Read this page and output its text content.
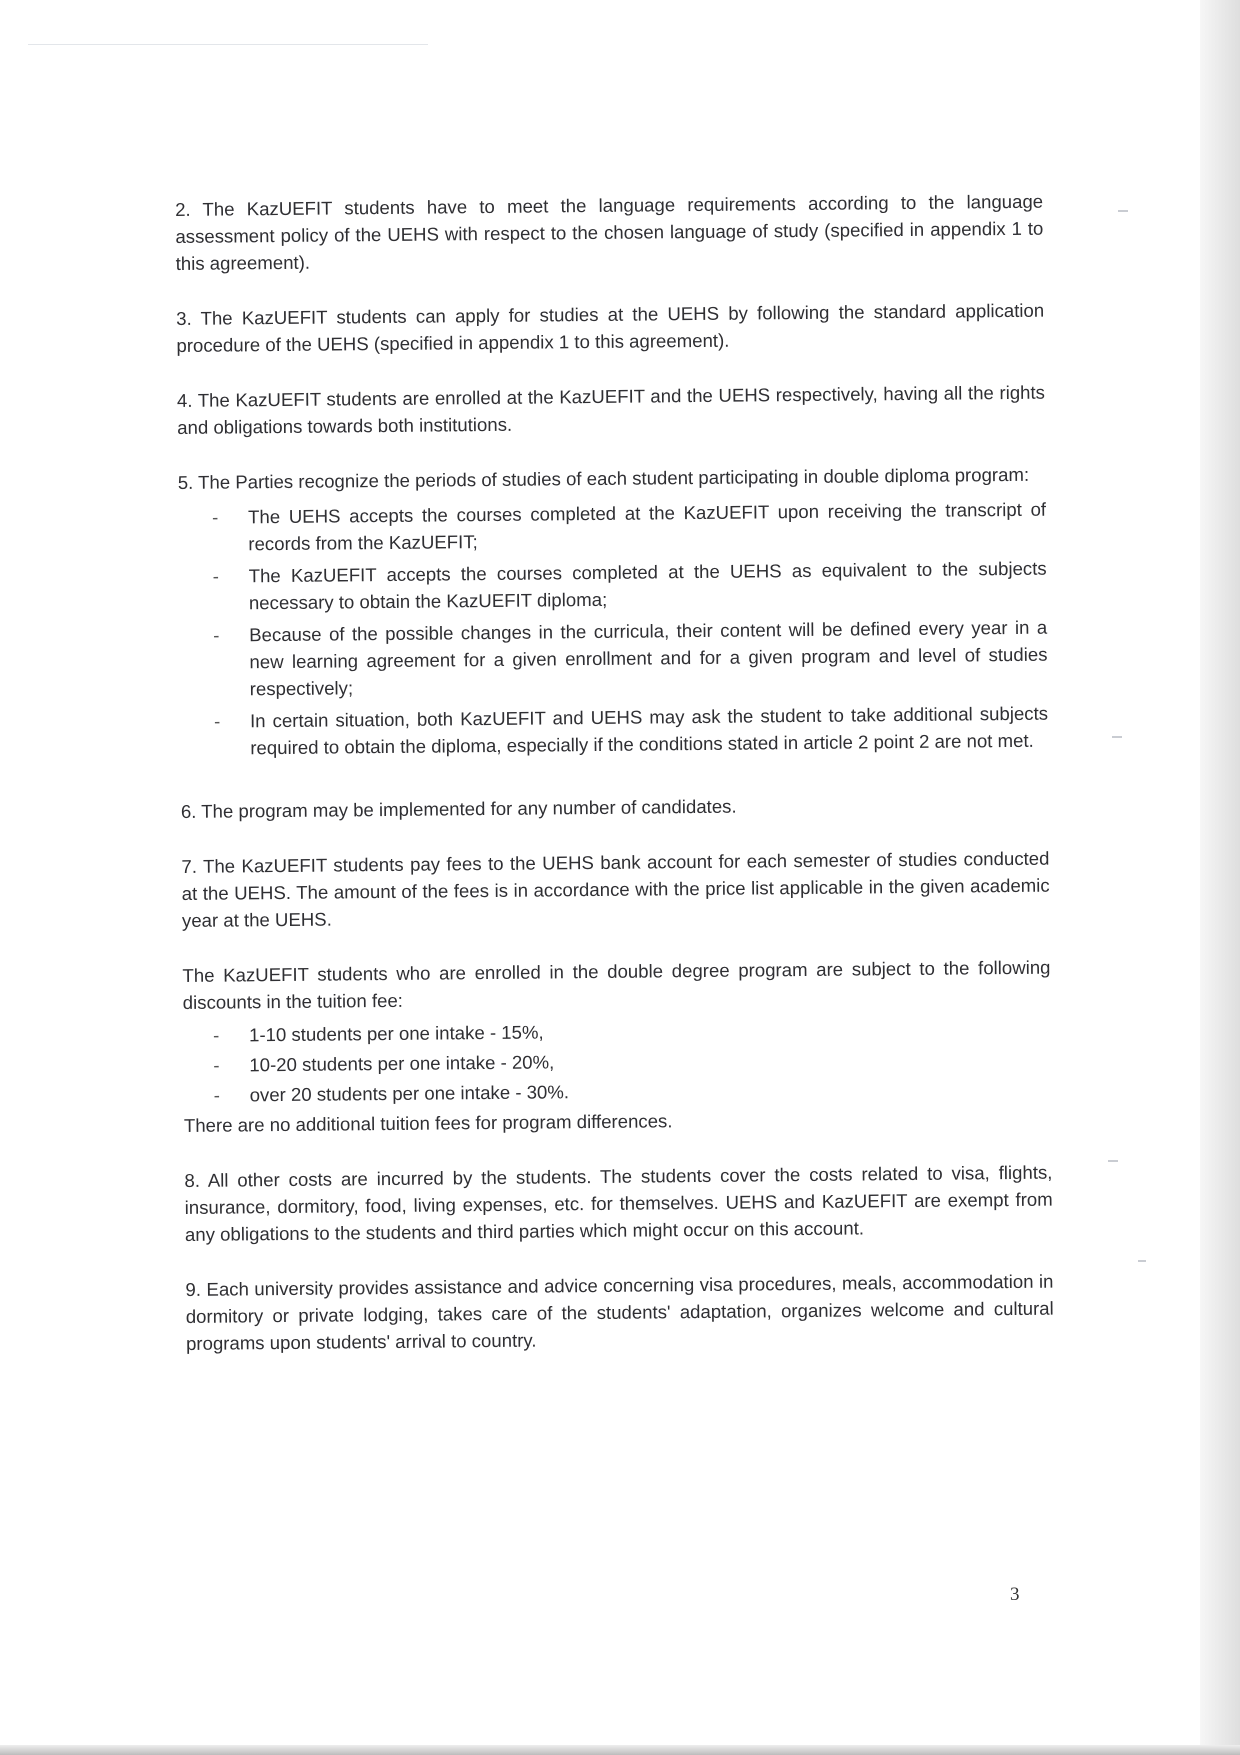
2. The KazUEFIT students have to meet the language requirements according to the language assessment policy of the UEHS with respect to the chosen language of study (specified in appendix 1 to this agreement).

3. The KazUEFIT students can apply for studies at the UEHS by following the standard application procedure of the UEHS (specified in appendix 1 to this agreement).

4. The KazUEFIT students are enrolled at the KazUEFIT and the UEHS respectively, having all the rights and obligations towards both institutions.

5. The Parties recognize the periods of studies of each student participating in double diploma program:

- The UEHS accepts the courses completed at the KazUEFIT upon receiving the transcript of records from the KazUEFIT;
- The KazUEFIT accepts the courses completed at the UEHS as equivalent to the subjects necessary to obtain the KazUEFIT diploma;
- Because of the possible changes in the curricula, their content will be defined every year in a new learning agreement for a given enrollment and for a given program and level of studies respectively;
- In certain situation, both KazUEFIT and UEHS may ask the student to take additional subjects required to obtain the diploma, especially if the conditions stated in article 2 point 2 are not met.

6. The program may be implemented for any number of candidates.

7. The KazUEFIT students pay fees to the UEHS bank account for each semester of studies conducted at the UEHS. The amount of the fees is in accordance with the price list applicable in the given academic year at the UEHS.

The KazUEFIT students who are enrolled in the double degree program are subject to the following discounts in the tuition fee:

- 1-10 students per one intake - 15%,
- 10-20 students per one intake - 20%,
- over 20 students per one intake - 30%.

There are no additional tuition fees for program differences.

8. All other costs are incurred by the students. The students cover the costs related to visa, flights, insurance, dormitory, food, living expenses, etc. for themselves. UEHS and KazUEFIT are exempt from any obligations to the students and third parties which might occur on this account.

9. Each university provides assistance and advice concerning visa procedures, meals, accommodation in dormitory or private lodging, takes care of the students' adaptation, organizes welcome and cultural programs upon students' arrival to country.

3
